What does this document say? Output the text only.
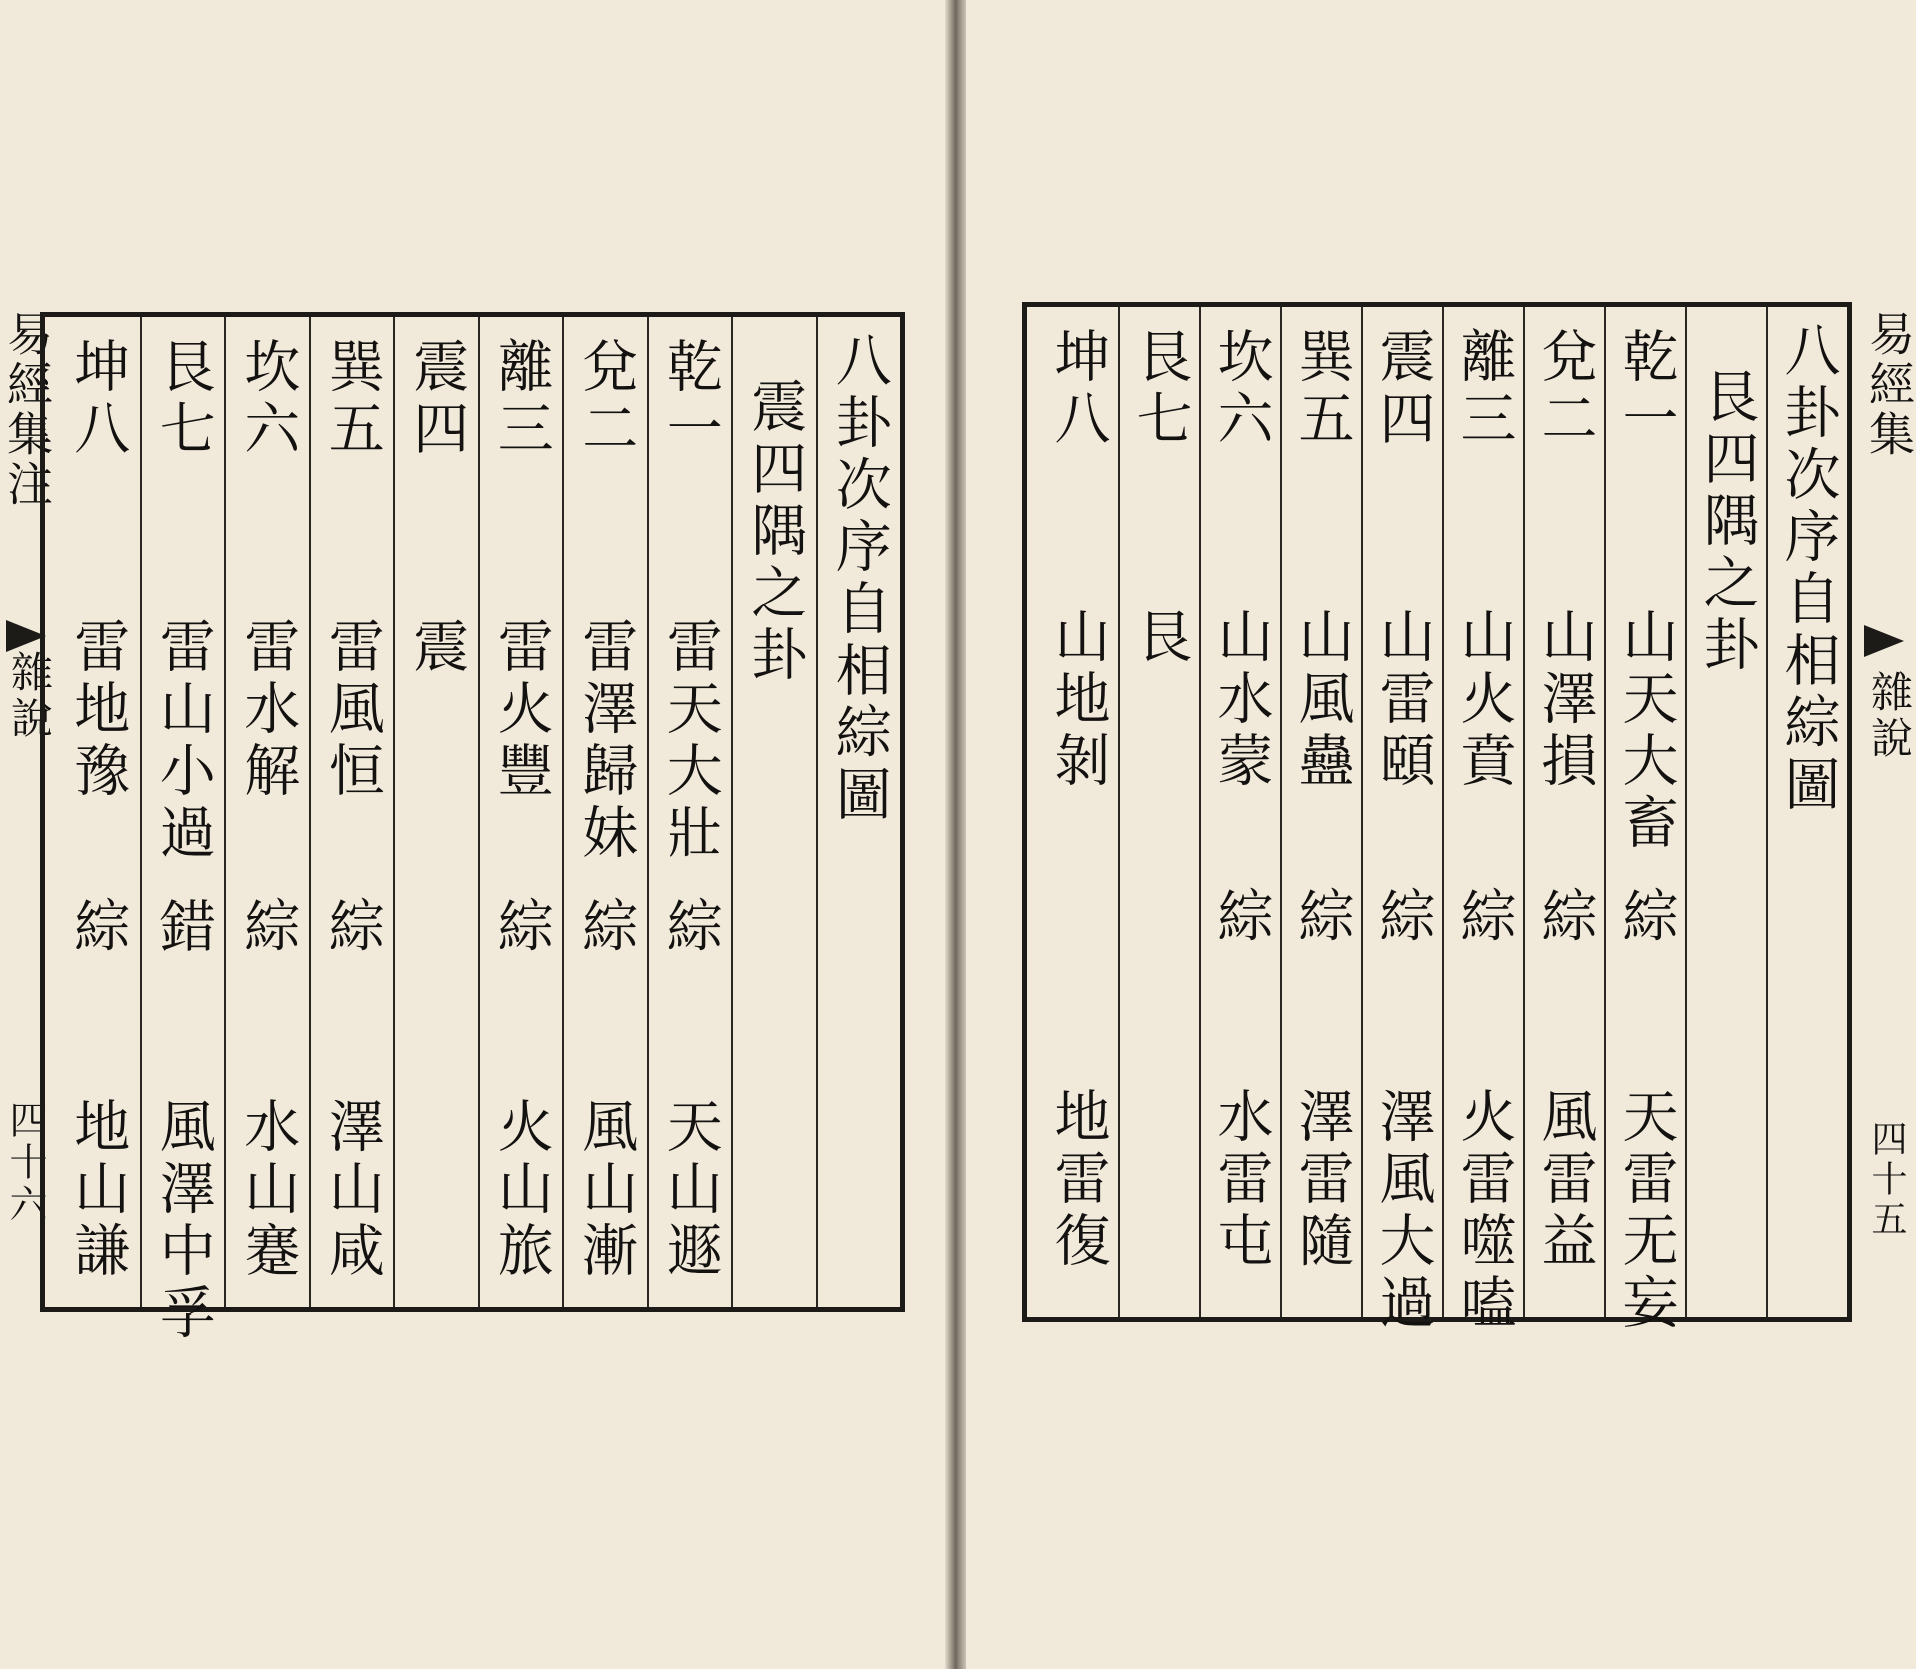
易經集注
雜說
四十六
八卦次序自相綜圖
震四隅之卦
乾一
雷天大壯
綜
天山遯
兌二
雷澤歸妹
綜
風山漸
離三
雷火豐
綜
火山旅
震四
震
巽五
雷風恒
綜
澤山咸
坎六
雷水解
綜
水山蹇
艮七
雷山小過
錯
風澤中孚
坤八
雷地豫
綜
地山謙
易經集
雜說
四十五
八卦次序自相綜圖
艮四隅之卦
乾一
山天大畜
綜
天雷无妄
兌二
山澤損
綜
風雷益
離三
山火賁
綜
火雷噬嗑
震四
山雷頤
綜
澤風大過
巽五
山風蠱
綜
澤雷隨
坎六
山水蒙
綜
水雷屯
艮七
艮
坤八
山地剝
地雷復
